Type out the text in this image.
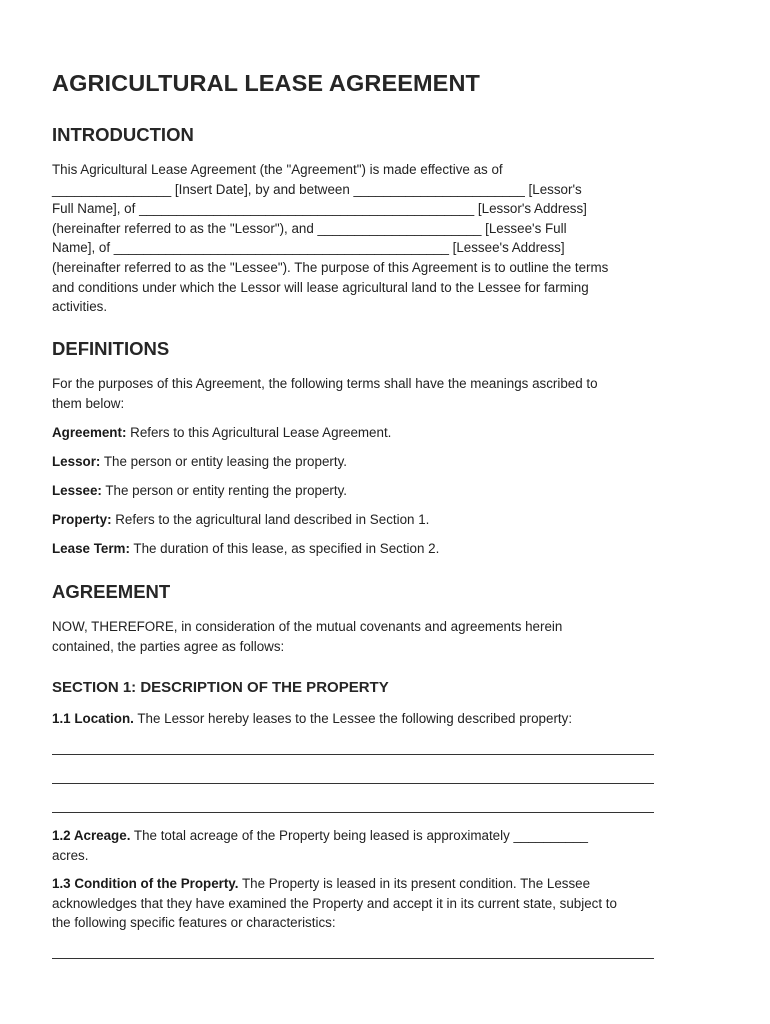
AGRICULTURAL LEASE AGREEMENT
INTRODUCTION
This Agricultural Lease Agreement (the "Agreement") is made effective as of
________________ [Insert Date], by and between _______________________ [Lessor's
Full Name], of _____________________________________________ [Lessor's Address]
(hereinafter referred to as the "Lessor"), and ______________________ [Lessee's Full
Name], of _____________________________________________ [Lessee's Address]
(hereinafter referred to as the "Lessee"). The purpose of this Agreement is to outline the terms
and conditions under which the Lessor will lease agricultural land to the Lessee for farming
activities.
DEFINITIONS
For the purposes of this Agreement, the following terms shall have the meanings ascribed to
them below:
Agreement: Refers to this Agricultural Lease Agreement.
Lessor: The person or entity leasing the property.
Lessee: The person or entity renting the property.
Property: Refers to the agricultural land described in Section 1.
Lease Term: The duration of this lease, as specified in Section 2.
AGREEMENT
NOW, THEREFORE, in consideration of the mutual covenants and agreements herein
contained, the parties agree as follows:
SECTION 1: DESCRIPTION OF THE PROPERTY
1.1 Location. The Lessor hereby leases to the Lessee the following described property:
1.2 Acreage. The total acreage of the Property being leased is approximately __________
acres.
1.3 Condition of the Property. The Property is leased in its present condition. The Lessee
acknowledges that they have examined the Property and accept it in its current state, subject to
the following specific features or characteristics:
